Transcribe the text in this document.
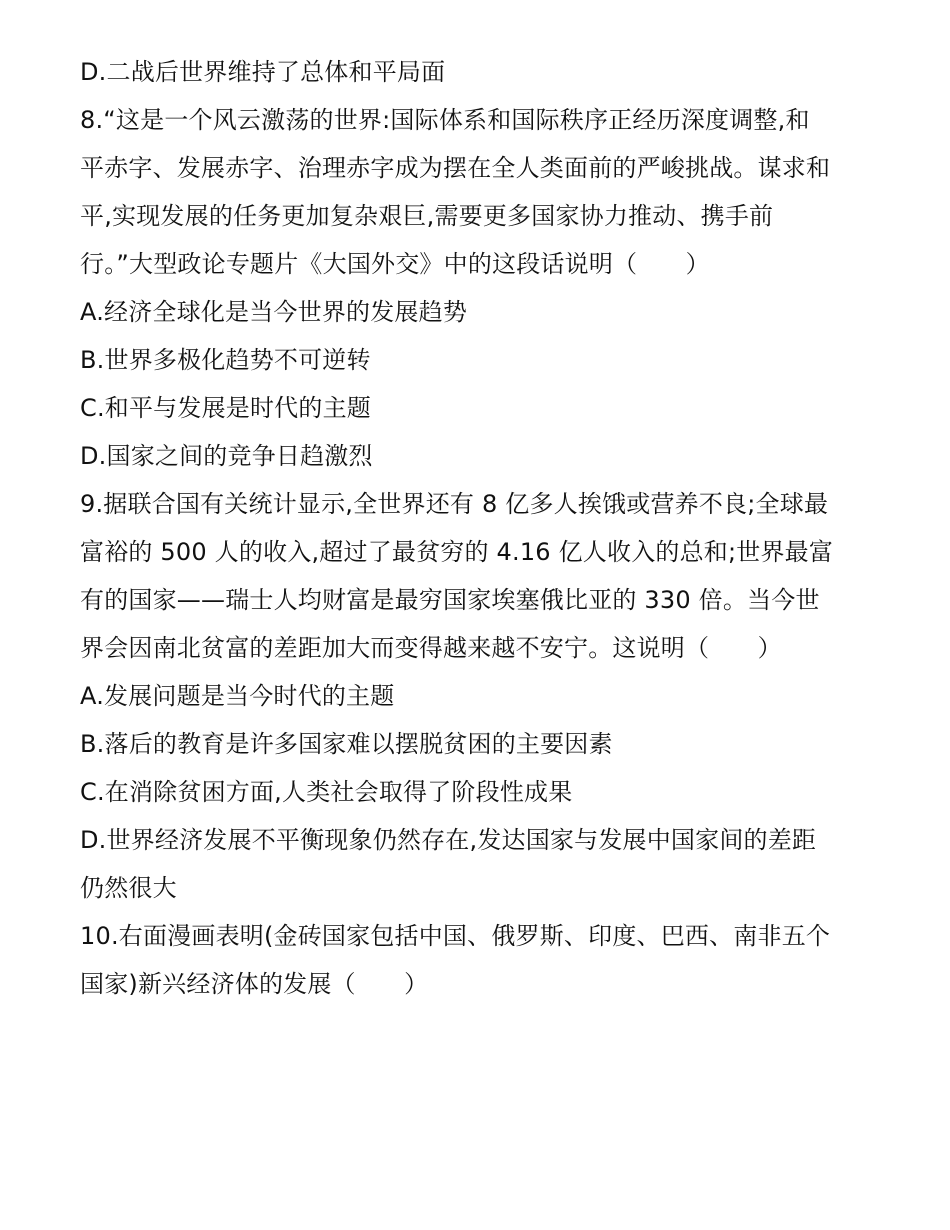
D.二战后世界维持了总体和平局面
8.“这是一个风云激荡的世界:国际体系和国际秩序正经历深度调整,和
平赤字、发展赤字、治理赤字成为摆在全人类面前的严峻挑战。谋求和
平,实现发展的任务更加复杂艰巨,需要更多国家协力推动、携手前
行。”大型政论专题片《大国外交》中的这段话说明（　　）
A.经济全球化是当今世界的发展趋势
B.世界多极化趋势不可逆转
C.和平与发展是时代的主题
D.国家之间的竞争日趋激烈
9.据联合国有关统计显示,全世界还有 8 亿多人挨饿或营养不良;全球最
富裕的 500 人的收入,超过了最贫穷的 4.16 亿人收入的总和;世界最富
有的国家——瑞士人均财富是最穷国家埃塞俄比亚的 330 倍。当今世
界会因南北贫富的差距加大而变得越来越不安宁。这说明（　　）
A.发展问题是当今时代的主题
B.落后的教育是许多国家难以摆脱贫困的主要因素
C.在消除贫困方面,人类社会取得了阶段性成果
D.世界经济发展不平衡现象仍然存在,发达国家与发展中国家间的差距
仍然很大
10.右面漫画表明(金砖国家包括中国、俄罗斯、印度、巴西、南非五个
国家)新兴经济体的发展（　　）
